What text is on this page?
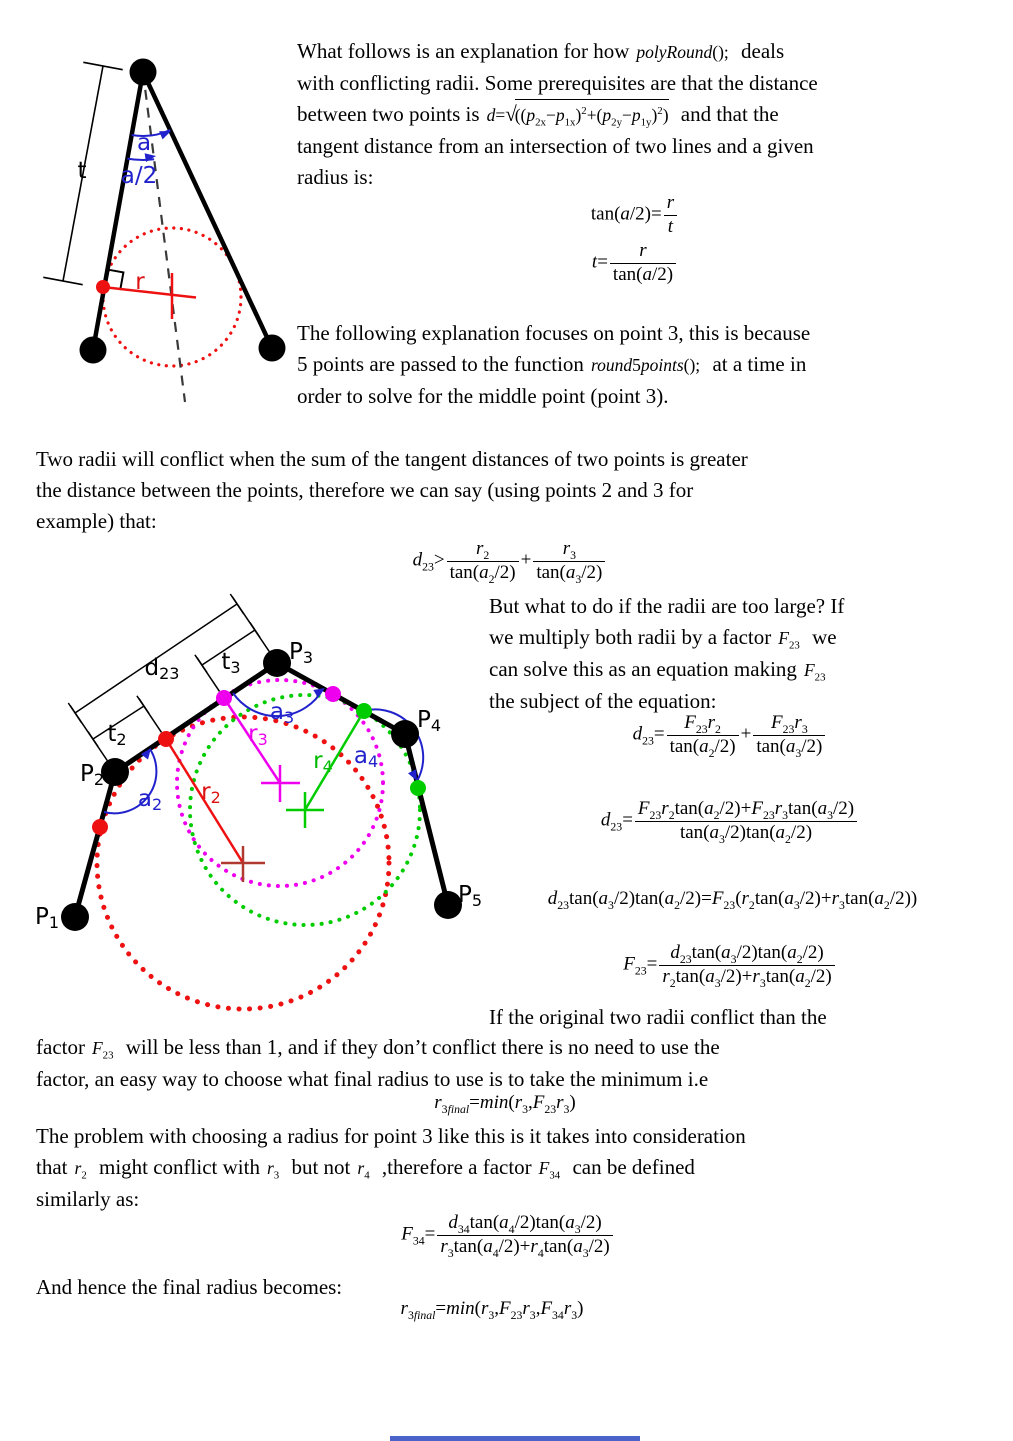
t
a
a/2
r
P1
P2
P3
P4
P5
d23
t2
t3
a2
a3
a4
r2
r3
r4

What follows is an explanation for how polyRound(); deals
with conflicting radii. Some prerequisites are that the distance
between two points is $d=√((p_{2x}-p_{1x})^2+(p_{2y}-p_{1y})^2)$ and that the
tangent distance from an intersection of two lines and a given
radius is:

$\tan(a/2)= \frac{r}{t}$
$t= \frac{r}{\tan(a/2)}$

The following explanation focuses on point 3, this is because
5 points are passed to the function round5points(); at a time in
order to solve for the middle point (point 3).

Two radii will conflict when the sum of the tangent distances of two points is greater
the distance between the points, therefore we can say (using points 2 and 3 for
example) that:

$d_{23}> \frac{r_2}{\tan(a_2/2)} + \frac{r_3}{\tan(a_3/2)}$

But what to do if the radii are too large? If
we multiply both radii by a factor $F_{23}$ we
can solve this as an equation making $F_{23}$
the subject of the equation:

$d_{23}= \frac{F_{23}r_2}{\tan(a_2/2)} + \frac{F_{23}r_3}{\tan(a_3/2)}$
$d_{23}= \frac{F_{23}r_2\tan(a_2/2)+F_{23}r_3\tan(a_3/2)}{\tan(a_3/2)\tan(a_2/2)}$
$d_{23}\tan(a_3/2)\tan(a_2/2)=F_{23}(r_2\tan(a_3/2)+r_3\tan(a_2/2))$
$F_{23}= \frac{d_{23}\tan(a_3/2)\tan(a_2/2)}{r_2\tan(a_3/2)+r_3\tan(a_2/2)}$

If the original two radii conflict than the

factor $F_{23}$ will be less than 1, and if they don’t conflict there is no need to use the
factor, an easy way to choose what final radius to use is to take the minimum i.e

$r_{3final}=\min(r_3,F_{23}r_3)$

The problem with choosing a radius for point 3 like this is it takes into consideration
that $r_2$ might conflict with $r_3$ but not $r_4$ ,therefore a factor $F_{34}$ can be defined
similarly as:

$F_{34}= \frac{d_{34}\tan(a_4/2)\tan(a_3/2)}{r_3\tan(a_4/2)+r_4\tan(a_3/2)}$

And hence the final radius becomes:

$r_{3final}=\min(r_3,F_{23}r_3,F_{34}r_3)$
